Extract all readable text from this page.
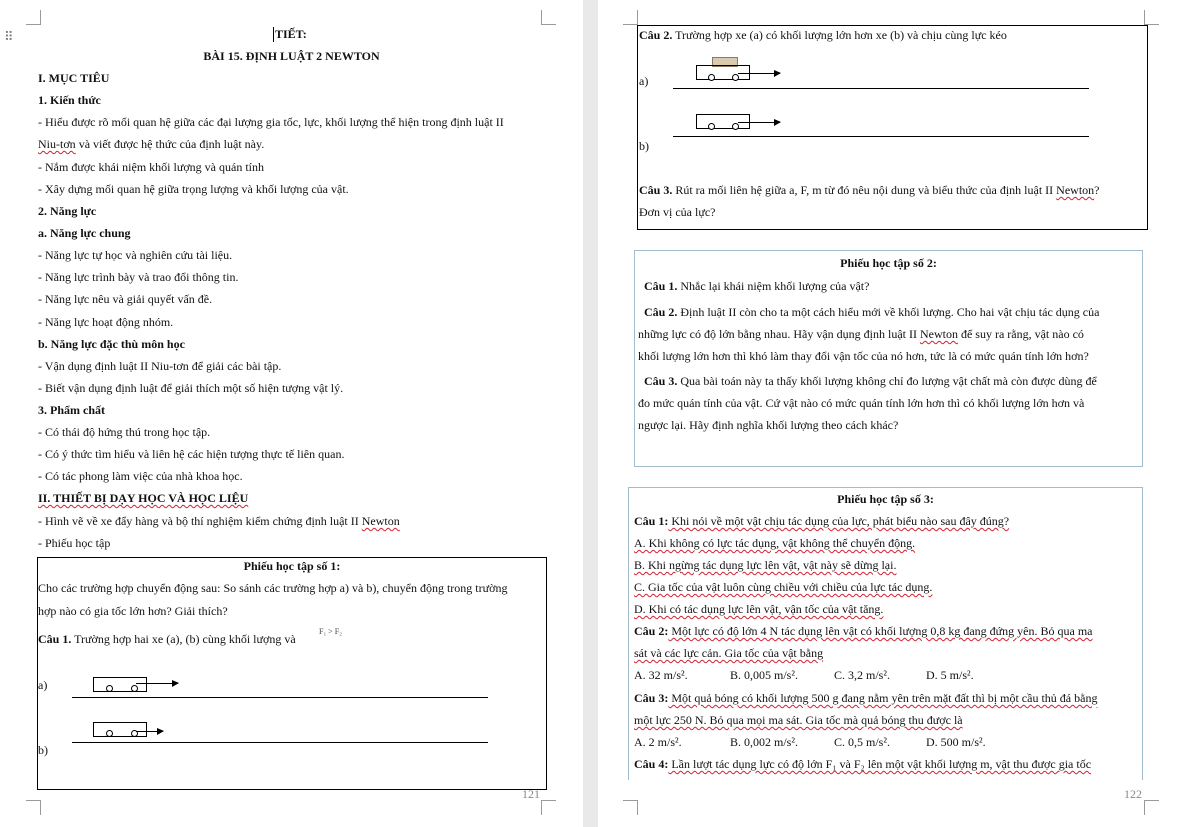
⠿	TIẾT:
BÀI 15. ĐỊNH LUẬT 2 NEWTON
I. MỤC TIÊU
1. Kiến thức
- Hiểu được rõ mối quan hệ giữa các đại lượng gia tốc, lực, khối lượng thể hiện trong định luật II
Niu-tơn và viết được hệ thức của định luật này.
- Nắm được khái niệm khối lượng và quán tính
- Xây dựng mối quan hệ giữa trọng lượng và khối lượng của vật.
2. Năng lực
a. Năng lực chung
- Năng lực tự học và nghiên cứu tài liệu.
- Năng lực trình bày và trao đổi thông tin.
- Năng lực nêu và giải quyết vấn đề.
- Năng lực hoạt động nhóm.
b. Năng lực đặc thù môn học
- Vận dụng định luật II Niu-tơn để giải các bài tập.
- Biết vận dụng định luật để giải thích một số hiện tượng vật lý.
3. Phẩm chất
- Có thái độ hứng thú trong học tập.
- Có ý thức tìm hiểu và liên hệ các hiện tượng thực tế liên quan.
- Có tác phong làm việc của nhà khoa học.
II. THIẾT BỊ DẠY HỌC VÀ HỌC LIỆU
- Hình vẽ về xe đẩy hàng và bộ thí nghiệm kiểm chứng định luật II Newton
- Phiếu học tập
Phiếu học tập số 1:
Cho các trường hợp chuyển động sau: So sánh các trường hợp a) và b), chuyển động trong trường
hợp nào có gia tốc lớn hơn? Giải thích?
Câu 1. Trường hợp hai xe (a), (b) cùng khối lượng và
F₁ > F₂
a)
b)
121
Câu 2. Trường hợp xe (a) có khối lượng lớn hơn xe (b) và chịu cùng lực kéo
a)
b)
Câu 3. Rút ra mối liên hệ giữa a, F, m từ đó nêu nội dung và biểu thức của định luật II Newton?
Đơn vị của lực?
Phiếu học tập số 2:
Câu 1. Nhắc lại khái niệm khối lượng của vật?
Câu 2. Định luật II còn cho ta một cách hiểu mới về khối lượng. Cho hai vật chịu tác dụng của
những lực có độ lớn bằng nhau. Hãy vận dụng định luật II Newton để suy ra rằng, vật nào có
khối lượng lớn hơn thì khó làm thay đổi vận tốc của nó hơn, tức là có mức quán tính lớn hơn?
Câu 3. Qua bài toán này ta thấy khối lượng không chỉ đo lượng vật chất mà còn được dùng để
đo mức quán tính của vật. Cứ vật nào có mức quán tính lớn hơn thì có khối lượng lớn hơn và
ngược lại. Hãy định nghĩa khối lượng theo cách khác?
Phiếu học tập số 3:
Câu 1: Khi nói về một vật chịu tác dụng của lực, phát biểu nào sau đây đúng?
A. Khi không có lực tác dụng, vật không thể chuyển động.
B. Khi ngừng tác dụng lực lên vật, vật này sẽ dừng lại.
C. Gia tốc của vật luôn cùng chiều với chiều của lực tác dụng.
D. Khi có tác dụng lực lên vật, vận tốc của vật tăng.
Câu 2: Một lực có độ lớn 4 N tác dụng lên vật có khối lượng 0,8 kg đang đứng yên. Bỏ qua ma
sát và các lực cản. Gia tốc của vật bằng
A. 32 m/s².	B. 0,005 m/s².	C. 3,2 m/s².	D. 5 m/s².
Câu 3: Một quả bóng có khối lượng 500 g đang nằm yên trên mặt đất thì bị một cầu thủ đá bằng
một lực 250 N. Bỏ qua mọi ma sát. Gia tốc mà quả bóng thu được là
A. 2 m/s².	B. 0,002 m/s².	C. 0,5 m/s².	D. 500 m/s².
Câu 4: Lần lượt tác dụng lực có độ lớn F₁ và F₂ lên một vật khối lượng m, vật thu được gia tốc
122
